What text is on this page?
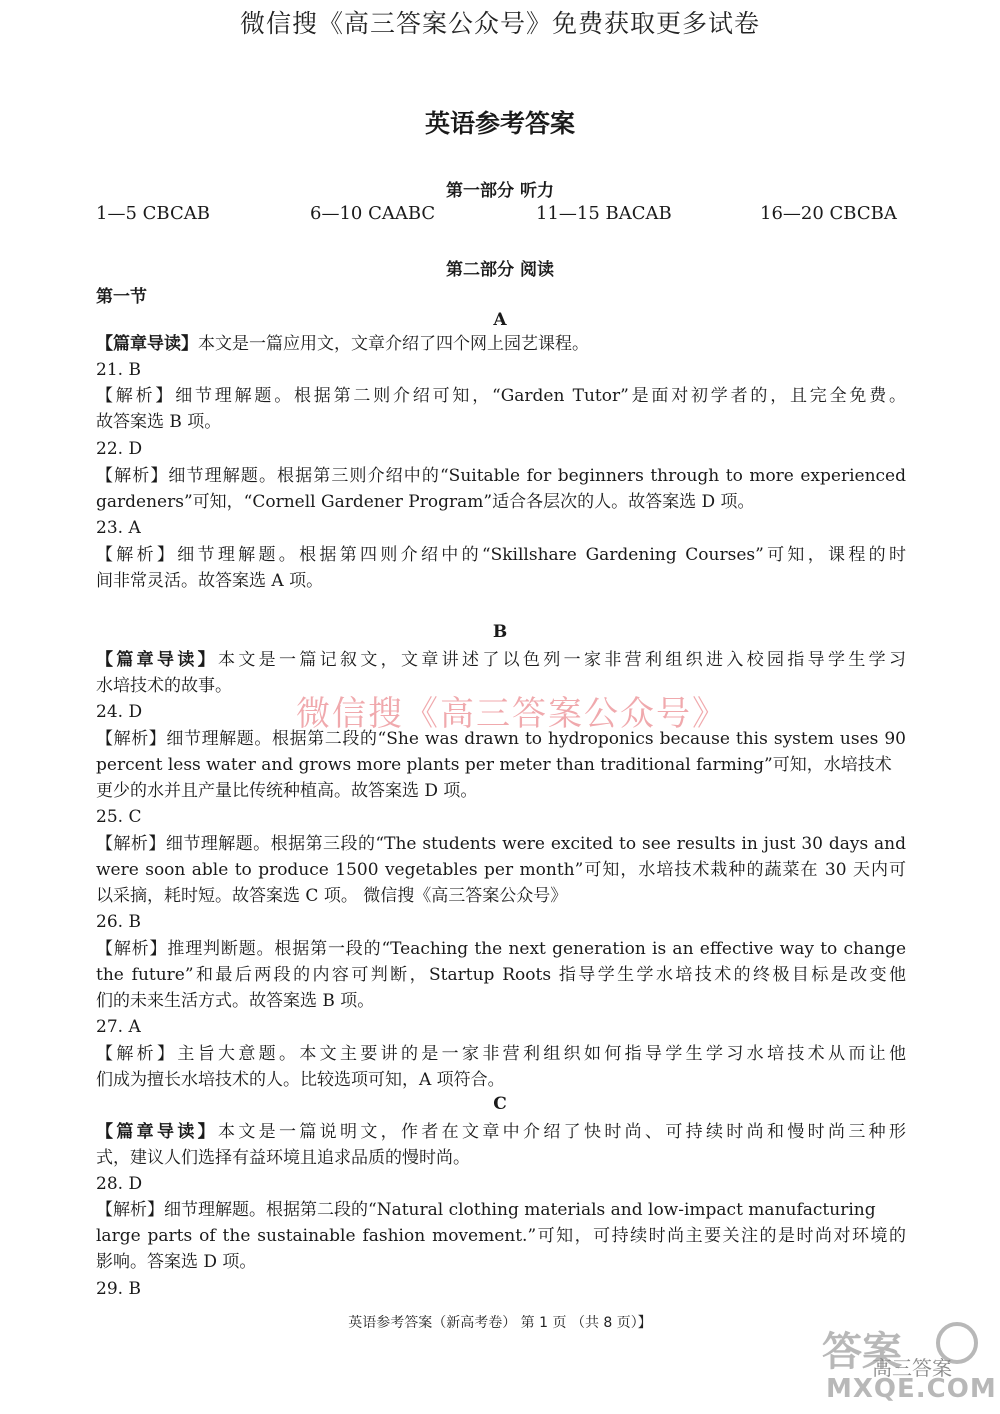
微信搜《高三答案公众号》免费获取更多试卷
英语参考答案
第一部分 听力
1—5 CBCAB	6—10 CAABC	11—15 BACAB	16—20 CBCBA
第二部分 阅读
第一节
A
【篇章导读】本文是一篇应用文，文章介绍了四个网上园艺课程。
21. B
【解析】细节理解题。根据第二则介绍可知，“Garden Tutor”是面对初学者的，且完全免费。
故答案选 B 项。
22. D
【解析】细节理解题。根据第三则介绍中的“Suitable for beginners through to more experienced
gardeners”可知，“Cornell Gardener Program”适合各层次的人。故答案选 D 项。
23. A
【解析】细节理解题。根据第四则介绍中的“Skillshare Gardening Courses”可知，课程的时
间非常灵活。故答案选 A 项。
B
【篇章导读】本文是一篇记叙文，文章讲述了以色列一家非营利组织进入校园指导学生学习
水培技术的故事。
微信搜《高三答案公众号》
24. D
【解析】细节理解题。根据第二段的“She was drawn to hydroponics because this system uses 90
percent less water and grows more plants per meter than traditional farming”可知，水培技术
更少的水并且产量比传统种植高。故答案选 D 项。
25. C
【解析】细节理解题。根据第三段的“The students were excited to see results in just 30 days and
were soon able to produce 1500 vegetables per month”可知，水培技术栽种的蔬菜在 30 天内可
以采摘，耗时短。故答案选 C 项。 微信搜《高三答案公众号》
26. B
【解析】推理判断题。根据第一段的“Teaching the next generation is an effective way to change
the future”和最后两段的内容可判断，Startup Roots 指导学生学水培技术的终极目标是改变他
们的未来生活方式。故答案选 B 项。
27. A
【解析】主旨大意题。本文主要讲的是一家非营利组织如何指导学生学习水培技术从而让他
们成为擅长水培技术的人。比较选项可知，A 项符合。
C
【篇章导读】本文是一篇说明文，作者在文章中介绍了快时尚、可持续时尚和慢时尚三种形
式，建议人们选择有益环境且追求品质的慢时尚。
28. D
【解析】细节理解题。根据第二段的“Natural clothing materials and low-impact manufacturing
large parts of the sustainable fashion movement.”可知，可持续时尚主要关注的是时尚对环境的
影响。答案选 D 项。
29. B
英语参考答案（新高考卷） 第 1 页 （共 8 页）】
答案
高三答案
MXQE.COM
